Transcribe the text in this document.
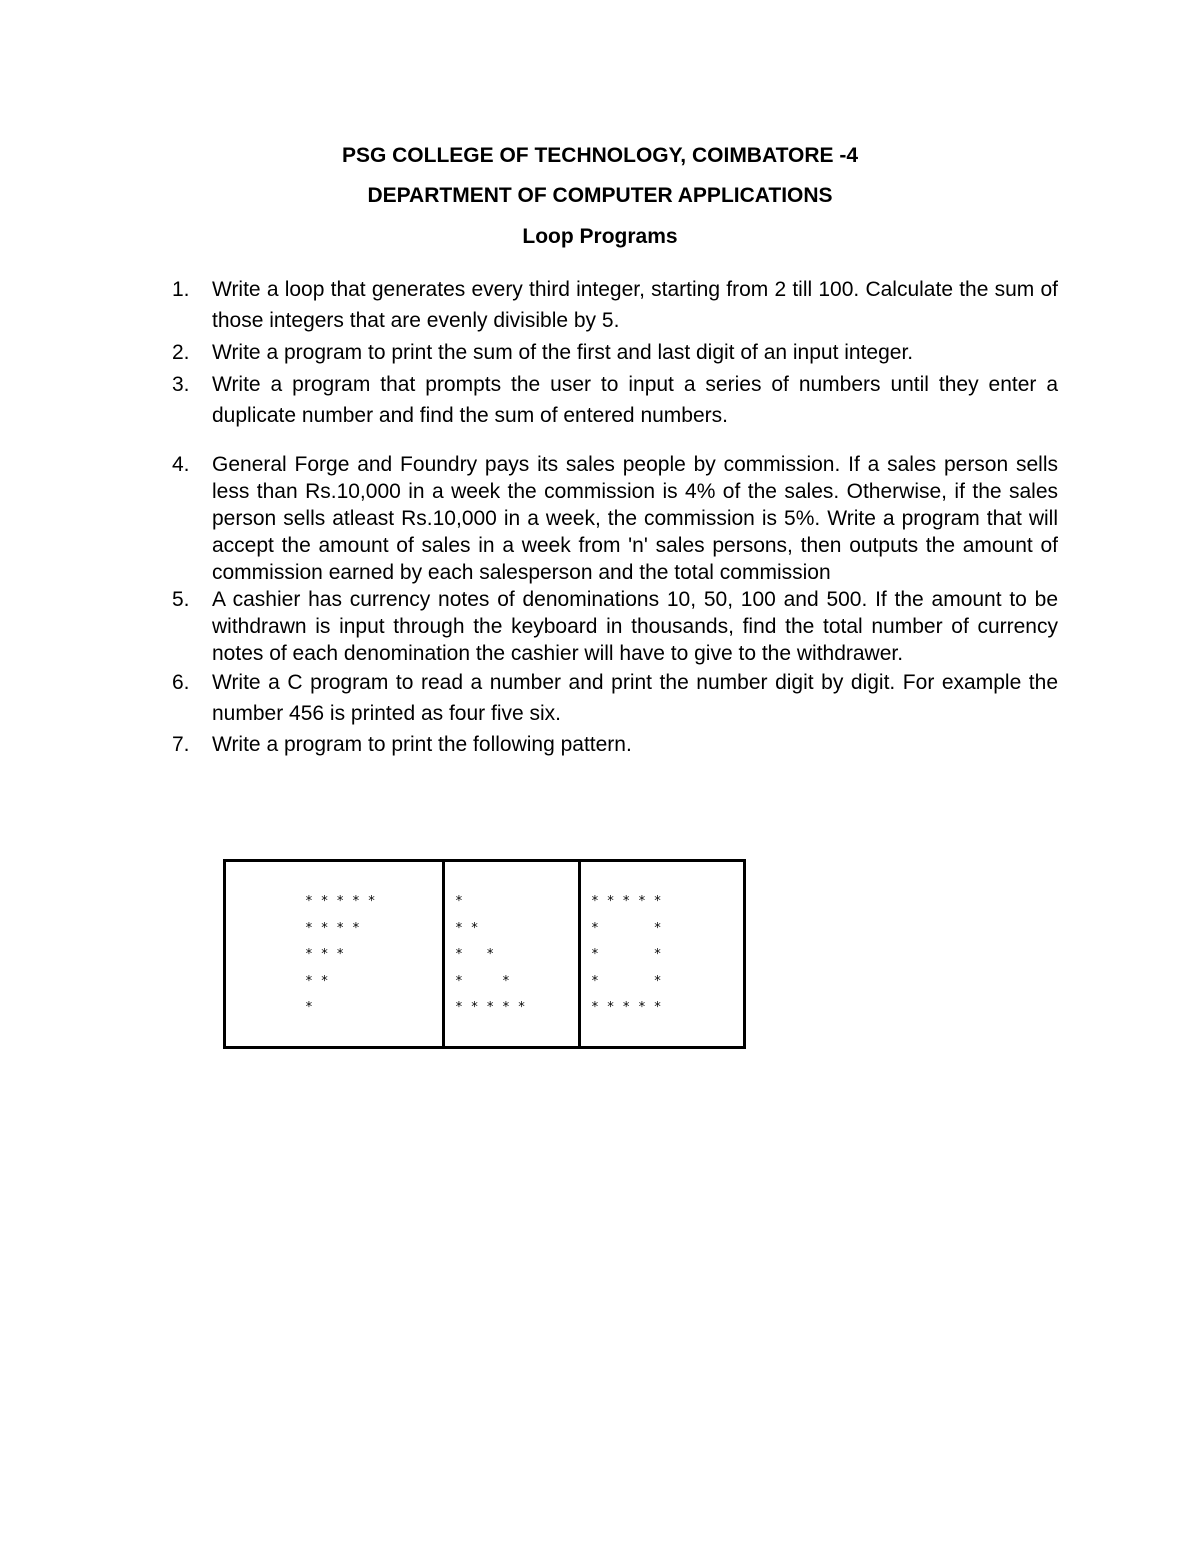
PSG COLLEGE OF TECHNOLOGY, COIMBATORE -4
DEPARTMENT OF COMPUTER APPLICATIONS
Loop Programs
1. Write a loop that generates every third integer, starting from 2 till 100. Calculate the sum of those integers that are evenly divisible by 5.
2. Write a program to print the sum of the first and last digit of an input integer.
3. Write a program that prompts the user to input a series of numbers until they enter a duplicate number and find the sum of entered numbers.
4. General Forge and Foundry pays its sales people by commission. If a sales person sells less than Rs.10,000 in a week the commission is 4% of the sales. Otherwise, if the sales person sells atleast Rs.10,000 in a week, the commission is 5%. Write a program that will accept the amount of sales in a week from 'n' sales persons, then outputs the amount of commission earned by each salesperson and the total commission
5. A cashier has currency notes of denominations 10, 50, 100 and 500. If the amount to be withdrawn is input through the keyboard in thousands, find the total number of currency notes of each denomination the cashier will have to give to the withdrawer.
6. Write a C program to read a number and print the number digit by digit. For example the number 456 is printed as four five six.
7. Write a program to print the following pattern.
* * * * *
* * * *
* * *
* *
*

*
* *
*   *
*     *
* * * * *

* * * * *
*       *
*       *
*       *
* * * * *
